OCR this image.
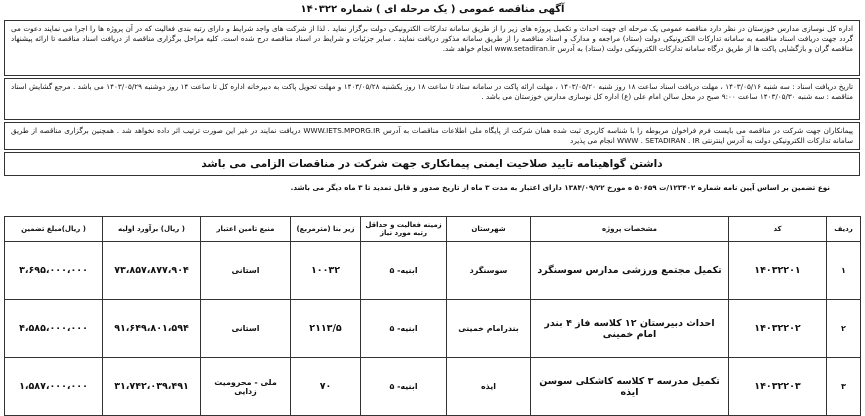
آگهی مناقصه عمومی ( یک مرحله ای ) شماره ۱۴۰۳۲۲
اداره کل نوسازی مدارس خوزستان در نظر دارد مناقصه عمومی یک مرحله ای جهت احداث و تکمیل پروژه های زیر را از طریق سامانه تدارکات الکترونیکی دولت برگزار نماید . لذا از شرکت های واجد شرایط و دارای رتبه بندی فعالیت که در آن پروژه ها را اجرا می نمایند دعوت می گردد جهت دریافت اسناد مناقصه به سامانه تدارکات الکترونیکی دولت (ستاد) مراجعه و مدارک و اسناد مناقصه را از طریق سامانه مذکور دریافت نمایند . سایر جزئیات و شرایط در اسناد مناقصه درج شده است. کلیه مراحل برگزاری مناقصه از دریافت اسناد مناقصه تا ارائه پیشنهاد مناقصه گران و بازگشایی پاکت ها از طریق درگاه سامانه تدارکات الکترونیکی دولت (ستاد) به آدرس www.setadiran.ir انجام خواهد شد.
تاریخ دریافت اسناد : سه شنبه ۱۴۰۳/۰۵/۱۶ ، مهلت دریافت اسناد ساعت ۱۸ روز شنبه ۱۴۰۳/۰۵/۲۰ ، مهلت ارائه پاکت در سامانه ستاد تا ساعت ۱۸ روز یکشنبه ۱۴۰۳/۰۵/۲۸ و مهلت تحویل پاکت به دبیرخانه اداره کل تا ساعت ۱۴ روز دوشنبه ۱۴۰۳/۰۵/۲۹ می باشد . مرجع گشایش اسناد مناقصه : سه شنبه ۱۴۰۳/۰۵/۳۰ ساعت ۹:۰۰ صبح در محل سالن امام علی (ع) اداره کل نوسازی مدارس خوزستان می باشد .
پیمانکاران جهت شرکت در مناقصه می بایست فرم فراخوان مربوطه را با شناسه کاربری ثبت شده همان شرکت از پایگاه ملی اطلاعات مناقصات به آدرس WWW.IETS.MPORG.IR دریافت نمایند در غیر این صورت ترتیب اثر داده نخواهد شد . همچنین برگزاری مناقصه از طریق سامانه تدارکات الکترونیکی دولت به آدرس اینترنتی WWW . SETADIRAN . IR انجام می پذیرد
داشتن گواهینامه تایید صلاحیت ایمنی پیمانکاری جهت شرکت در مناقصات الزامی می باشد
نوع تضمین بر اساس آیین نامه شماره ۱۲۳۴۰۲/ت ۵۰۶۵۹ ه مورخ ۱۳۸۴/۰۹/۲۲ دارای اعتبار به مدت ۳ ماه از تاریخ صدور و قابل تمدید تا ۳ ماه دیگر می باشد.
ردیف	کد	مشخصات پروژه	شهرستان	زمینه فعالیت و حداقل رتبه مورد نیاز	زیر بنا (مترمربع)	منبع تامین اعتبار	( ریال) برآورد اولیه	( ریال)مبلغ تضمین
۱	۱۴۰۳۲۲۰۱	تکمیل مجتمع ورزشی مدارس سوسنگرد	سوسنگرد	ابنیه- ۵	۱۰۰۳۲	استانی	۷۳،۸۵۷،۸۷۷،۹۰۴	۳،۶۹۵،۰۰۰،۰۰۰
۲	۱۴۰۳۲۲۰۲	احداث دبیرستان ۱۲ کلاسه فاز ۴ بندر امام خمینی	بندرامام خمینی	ابنیه- ۵	۲۱۱۳/۵	استانی	۹۱،۶۴۹،۸۰۱،۵۹۴	۴،۵۸۵،۰۰۰،۰۰۰
۳	۱۴۰۳۲۲۰۳	تکمیل مدرسه ۳ کلاسه کاشکلی سوسن ایذه	ایذه	ابنیه- ۵	۷۰	ملی - محرومیت زدایی	۳۱،۷۴۲،۰۳۹،۴۹۱	۱،۵۸۷،۰۰۰،۰۰۰
